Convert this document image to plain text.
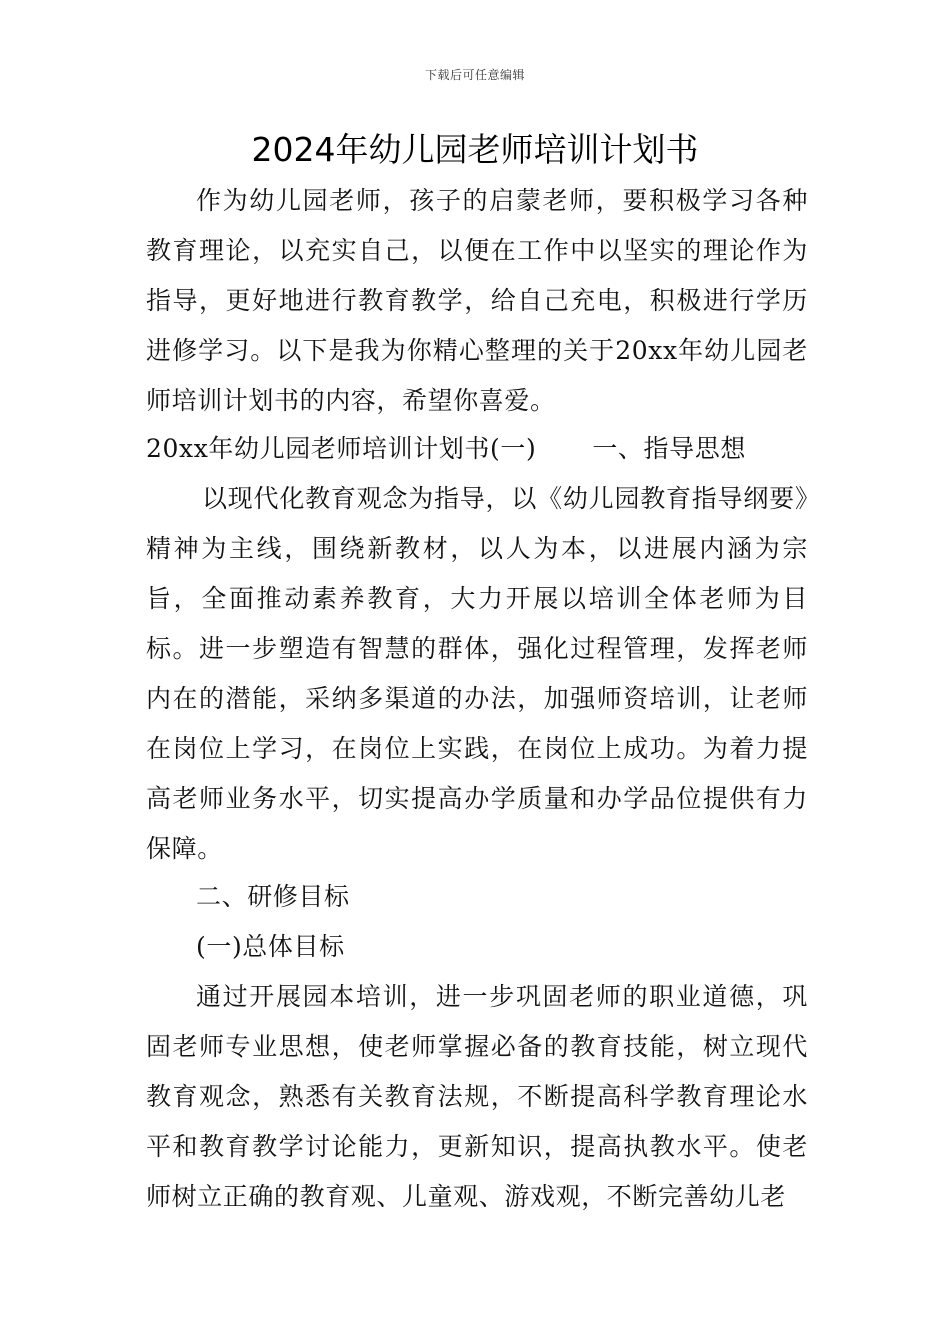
下载后可任意编辑
2024年幼儿园老师培训计划书
作为幼儿园老师，孩子的启蒙老师，要积极学习各种教育理论，以充实自己，以便在工作中以坚实的理论作为指导，更好地进行教育教学，给自己充电，积极进行学历进修学习。以下是我为你精心整理的关于20xx年幼儿园老师培训计划书的内容，希望你喜爱。
20xx年幼儿园老师培训计划书(一) 一、指导思想
以现代化教育观念为指导，以《幼儿园教育指导纲要》精神为主线，围绕新教材，以人为本，以进展内涵为宗旨，全面推动素养教育，大力开展以培训全体老师为目标。进一步塑造有智慧的群体，强化过程管理，发挥老师内在的潜能，采纳多渠道的办法，加强师资培训，让老师在岗位上学习，在岗位上实践，在岗位上成功。为着力提高老师业务水平，切实提高办学质量和办学品位提供有力保障。
二、研修目标
(一)总体目标
通过开展园本培训，进一步巩固老师的职业道德，巩固老师专业思想，使老师掌握必备的教育技能，树立现代教育观念，熟悉有关教育法规，不断提高科学教育理论水平和教育教学讨论能力，更新知识，提高执教水平。使老师树立正确的教育观、儿童观、游戏观，不断完善幼儿老
